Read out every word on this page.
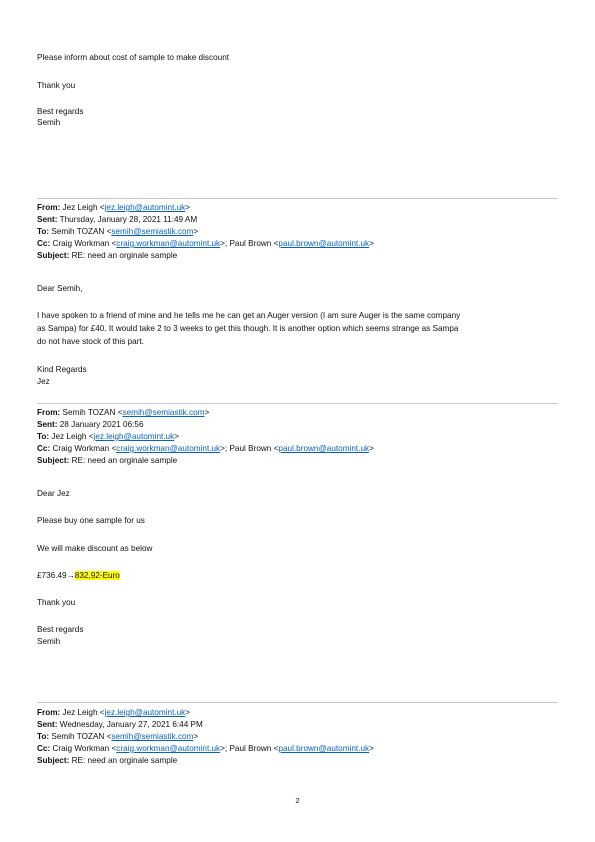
Please inform about cost of sample to make discount
Thank you
Best regards
Semih
From: Jez Leigh <jez.leigh@automint.uk>
Sent: Thursday, January 28, 2021 11:49 AM
To: Semih TOZAN <semih@semiastik.com>
Cc: Craig Workman <craig.workman@automint.uk>; Paul Brown <paul.brown@automint.uk>
Subject: RE: need an orginale sample
Dear Semih,
I have spoken to a friend of mine and he tells me he can get an Auger version (I am sure Auger is the same company
as Sampa) for £40. It would take 2 to 3 weeks to get this though. It is another option which seems strange as Sampa
do not have stock of this part.
Kind Regards
Jez
From: Semih TOZAN <semih@semiastik.com>
Sent: 28 January 2021 06:56
To: Jez Leigh <jez.leigh@automint.uk>
Cc: Craig Workman <craig.workman@automint.uk>; Paul Brown <paul.brown@automint.uk>
Subject: RE: need an orginale sample
Dear Jez
Please buy one sample for us
We will make discount as below
£736.49→832,92-Euro
Thank you
Best regards
Semih
From: Jez Leigh <jez.leigh@automint.uk>
Sent: Wednesday, January 27, 2021 6:44 PM
To: Semih TOZAN <semih@semiastik.com>
Cc: Craig Workman <craig.workman@automint.uk>; Paul Brown <paul.brown@automint.uk>
Subject: RE: need an orginale sample
2
